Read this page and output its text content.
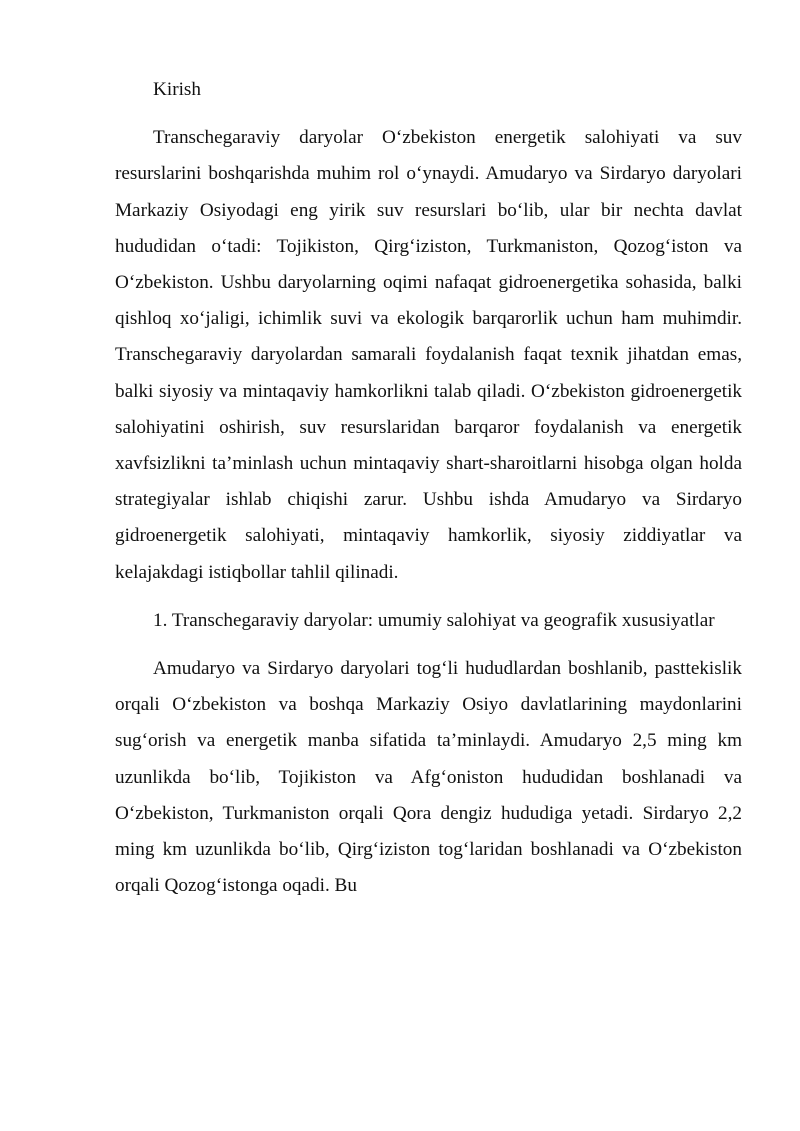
Kirish

Transchegaraviy daryolar O‘zbekiston energetik salohiyati va suv resurslarini boshqarishda muhim rol o‘ynaydi. Amudaryo va Sirdaryo daryolari Markaziy Osiyodagi eng yirik suv resurslari bo‘lib, ular bir nechta davlat hududidan o‘tadi: Tojikiston, Qirg‘iziston, Turkmaniston, Qozog‘iston va O‘zbekiston. Ushbu daryolarning oqimi nafaqat gidroenergetika sohasida, balki qishloq xo‘jaligi, ichimlik suvi va ekologik barqarorlik uchun ham muhimdir. Transchegaraviy daryolardan samarali foydalanish faqat texnik jihatdan emas, balki siyosiy va mintaqaviy hamkorlikni talab qiladi. O‘zbekiston gidroenergetik salohiyatini oshirish, suv resurslaridan barqaror foydalanish va energetik xavfsizlikni ta’minlash uchun mintaqaviy shart-sharoitlarni hisobga olgan holda strategiyalar ishlab chiqishi zarur. Ushbu ishda Amudaryo va Sirdaryo gidroenergetik salohiyati, mintaqaviy hamkorlik, siyosiy ziddiyatlar va kelajakdagi istiqbollar tahlil qilinadi.

1. Transchegaraviy daryolar: umumiy salohiyat va geografik xususiyatlar

Amudaryo va Sirdaryo daryolari tog‘li hududlardan boshlanib, pasttekislik orqali O‘zbekiston va boshqa Markaziy Osiyo davlatlarining maydonlarini sug‘orish va energetik manba sifatida ta’minlaydi. Amudaryo 2,5 ming km uzunlikda bo‘lib, Tojikiston va Afg‘oniston hududidan boshlanadi va O‘zbekiston, Turkmaniston orqali Qora dengiz hududiga yetadi. Sirdaryo 2,2 ming km uzunlikda bo‘lib, Qirg‘iziston tog‘laridan boshlanadi va O‘zbekiston orqali Qozog‘istonga oqadi. Bu
